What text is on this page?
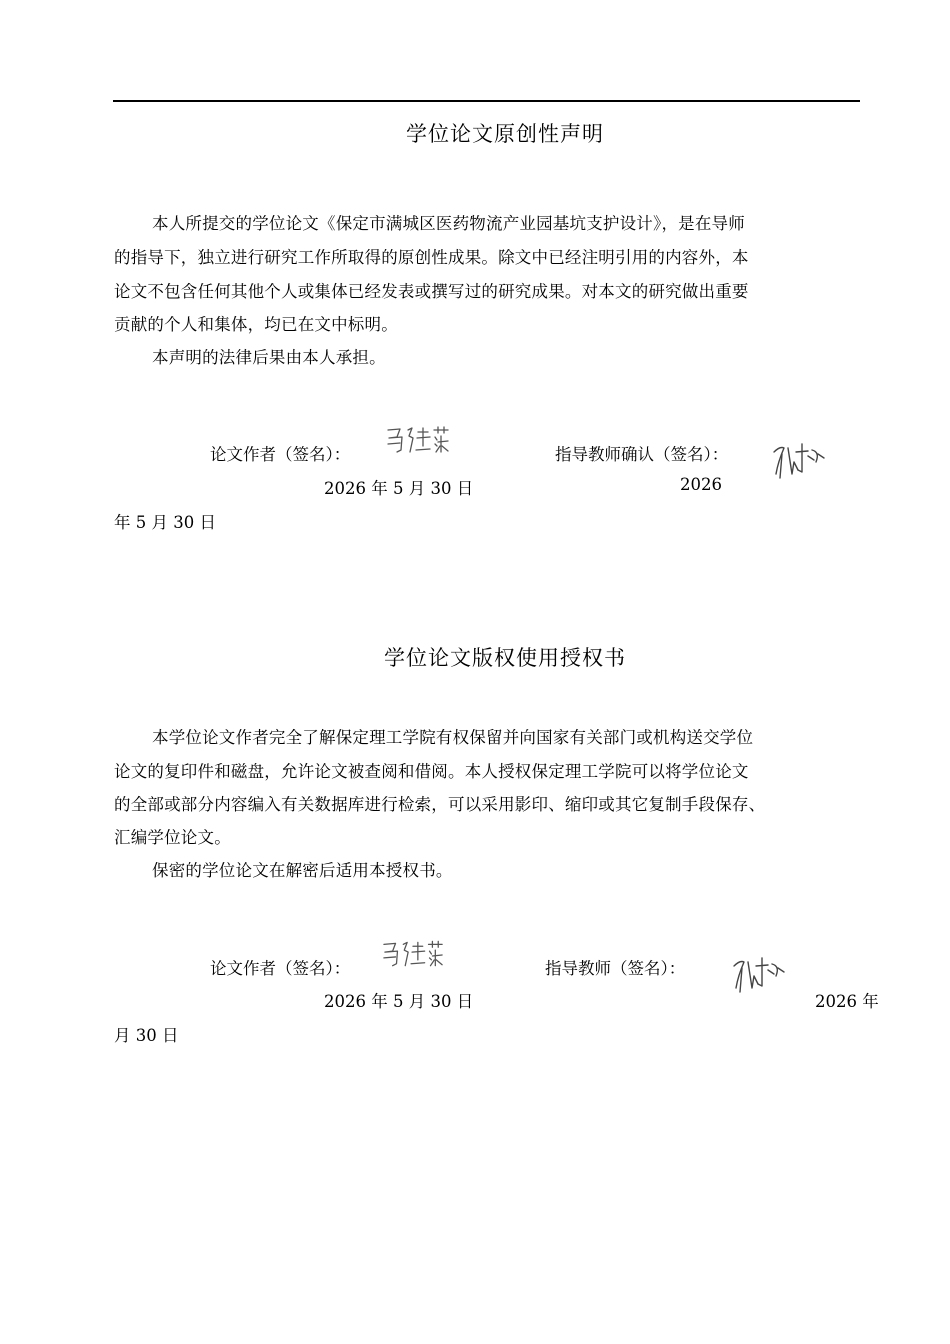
学位论文原创性声明
本人所提交的学位论文《保定市满城区医药物流产业园基坑支护设计》，是在导师
的指导下，独立进行研究工作所取得的原创性成果。除文中已经注明引用的内容外，本
论文不包含任何其他个人或集体已经发表或撰写过的研究成果。对本文的研究做出重要
贡献的个人和集体，均已在文中标明。
本声明的法律后果由本人承担。
论文作者（签名）：	指导教师确认（签名）：
2026 年 5 月 30 日	2026
年 5 月 30 日
学位论文版权使用授权书
本学位论文作者完全了解保定理工学院有权保留并向国家有关部门或机构送交学位
论文的复印件和磁盘，允许论文被查阅和借阅。本人授权保定理工学院可以将学位论文
的全部或部分内容编入有关数据库进行检索，可以采用影印、缩印或其它复制手段保存、
汇编学位论文。
保密的学位论文在解密后适用本授权书。
论文作者（签名）：	指导教师（签名）：
2026 年 5 月 30 日	2026 年
月 30 日
